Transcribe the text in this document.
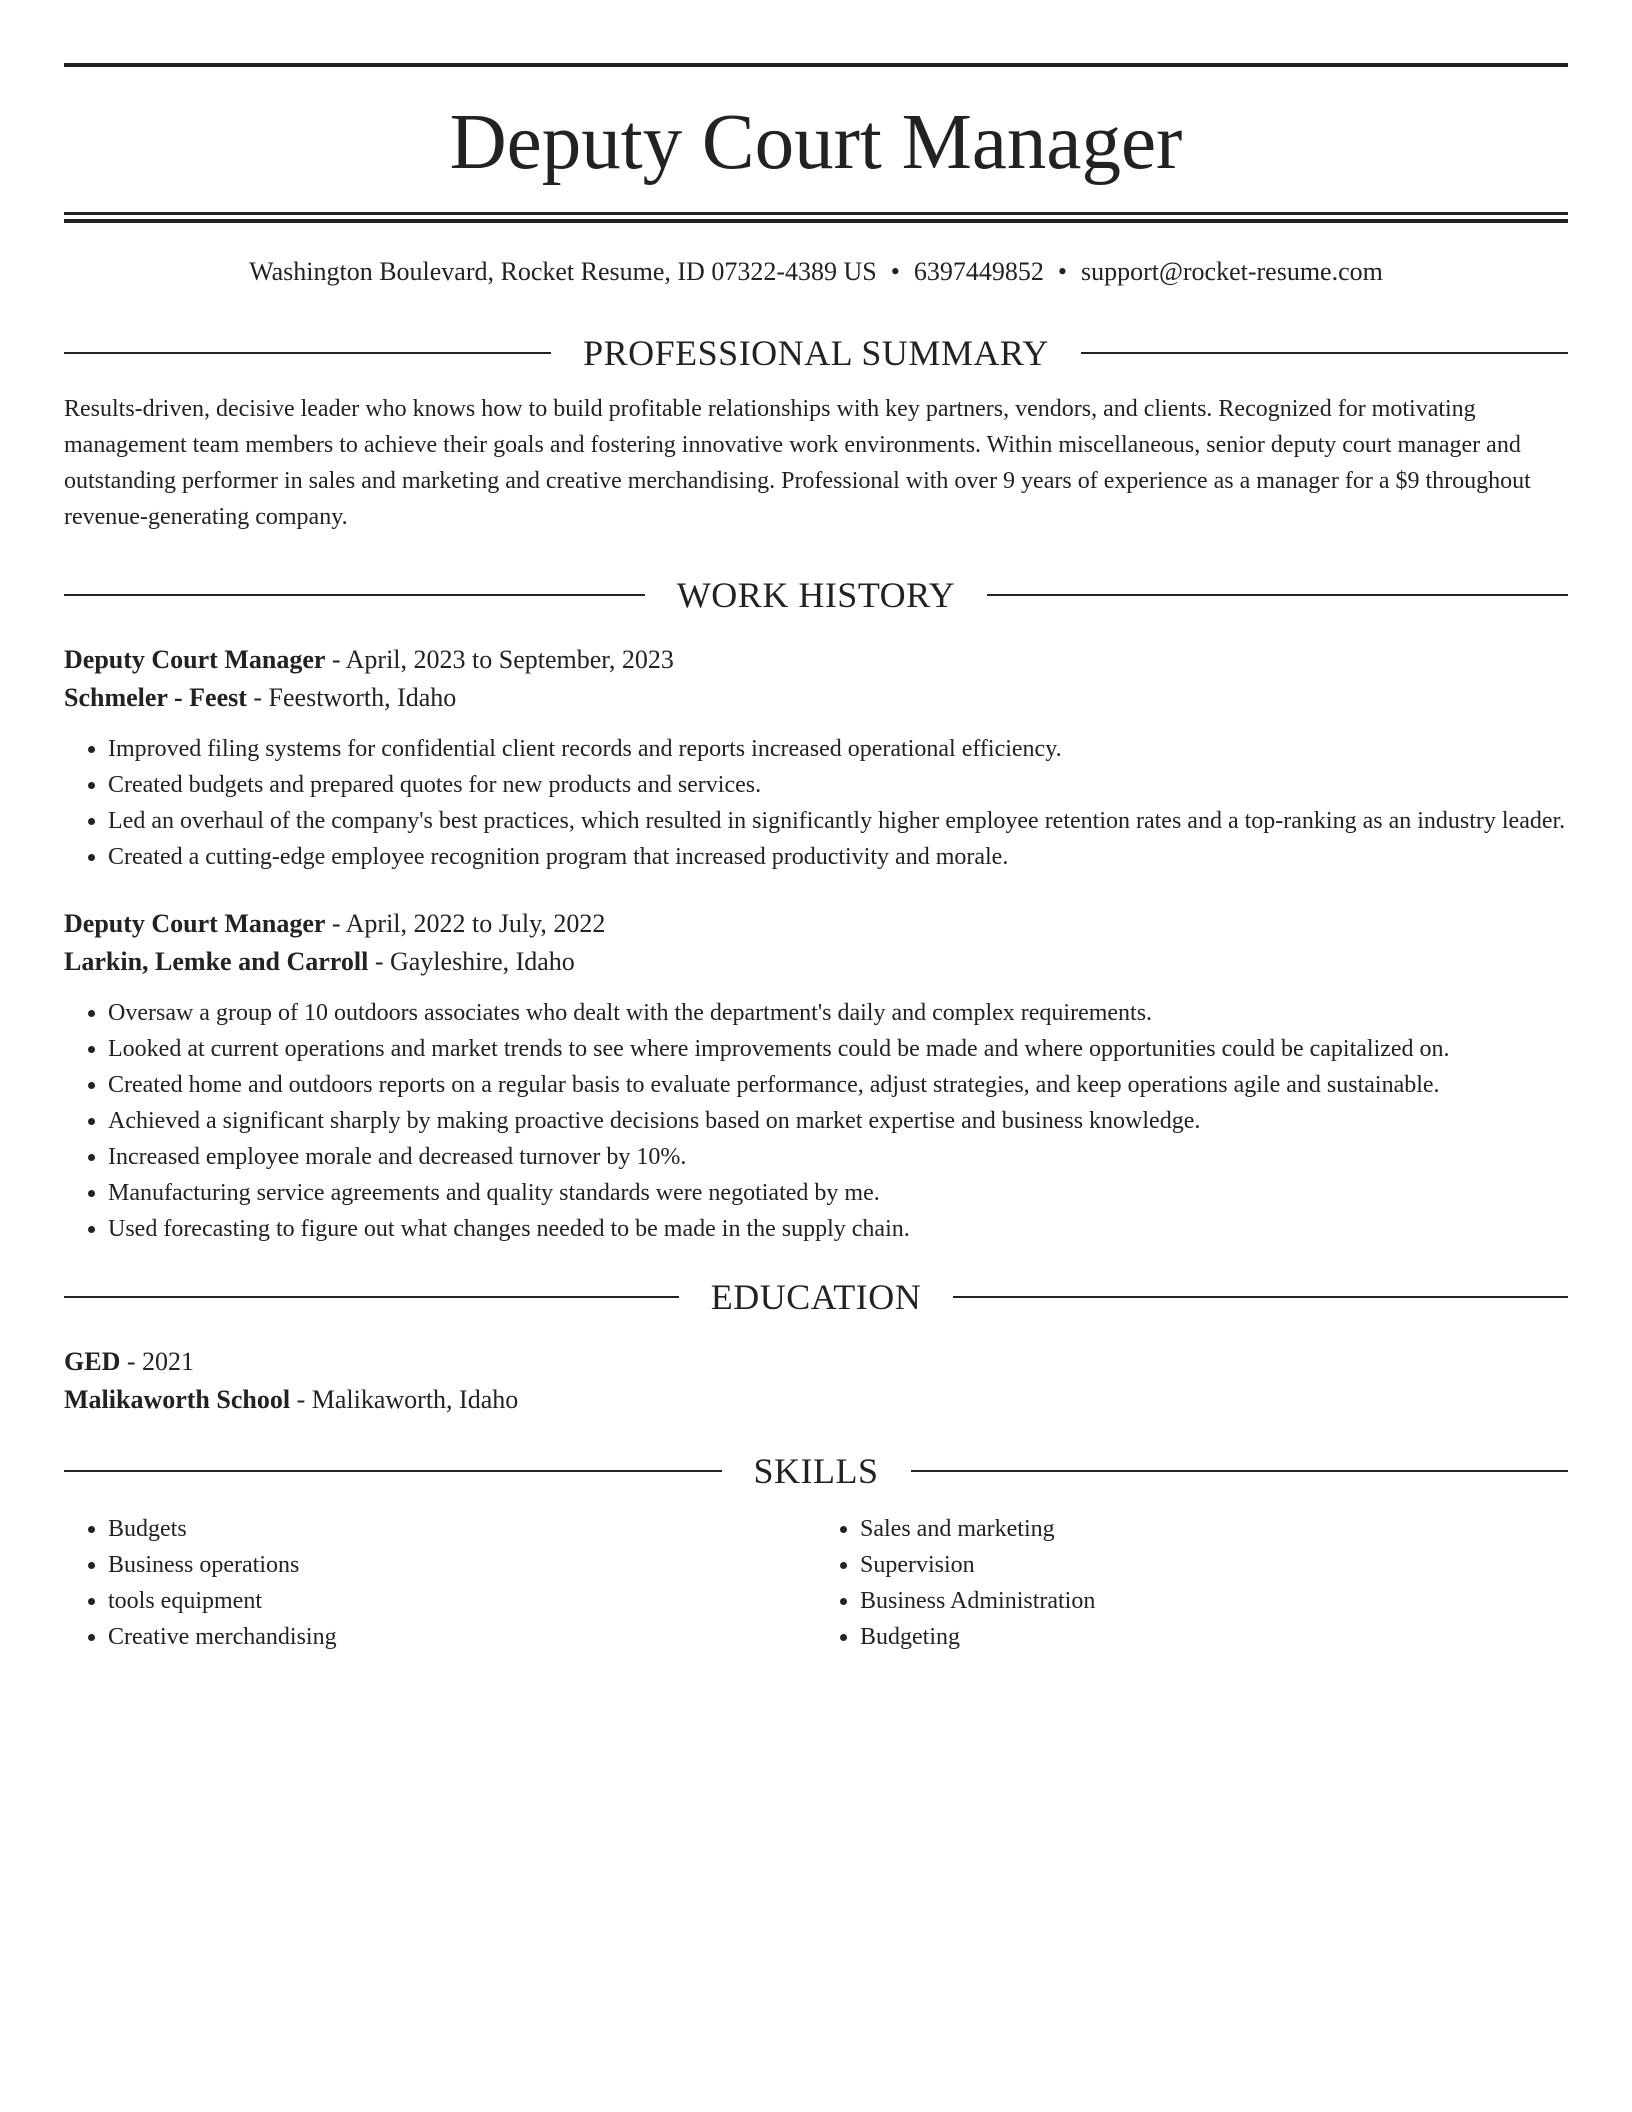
Deputy Court Manager
Washington Boulevard, Rocket Resume, ID 07322-4389 US • 6397449852 • support@rocket-resume.com
PROFESSIONAL SUMMARY
Results-driven, decisive leader who knows how to build profitable relationships with key partners, vendors, and clients. Recognized for motivating management team members to achieve their goals and fostering innovative work environments. Within miscellaneous, senior deputy court manager and outstanding performer in sales and marketing and creative merchandising. Professional with over 9 years of experience as a manager for a $9 throughout revenue-generating company.
WORK HISTORY
Deputy Court Manager - April, 2023 to September, 2023
Schmeler - Feest - Feestworth, Idaho
• Improved filing systems for confidential client records and reports increased operational efficiency.
• Created budgets and prepared quotes for new products and services.
• Led an overhaul of the company's best practices, which resulted in significantly higher employee retention rates and a top-ranking as an industry leader.
• Created a cutting-edge employee recognition program that increased productivity and morale.
Deputy Court Manager - April, 2022 to July, 2022
Larkin, Lemke and Carroll - Gayleshire, Idaho
• Oversaw a group of 10 outdoors associates who dealt with the department's daily and complex requirements.
• Looked at current operations and market trends to see where improvements could be made and where opportunities could be capitalized on.
• Created home and outdoors reports on a regular basis to evaluate performance, adjust strategies, and keep operations agile and sustainable.
• Achieved a significant sharply by making proactive decisions based on market expertise and business knowledge.
• Increased employee morale and decreased turnover by 10%.
• Manufacturing service agreements and quality standards were negotiated by me.
• Used forecasting to figure out what changes needed to be made in the supply chain.
EDUCATION
GED - 2021
Malikaworth School - Malikaworth, Idaho
SKILLS
• Budgets
• Business operations
• tools equipment
• Creative merchandising
• Sales and marketing
• Supervision
• Business Administration
• Budgeting
